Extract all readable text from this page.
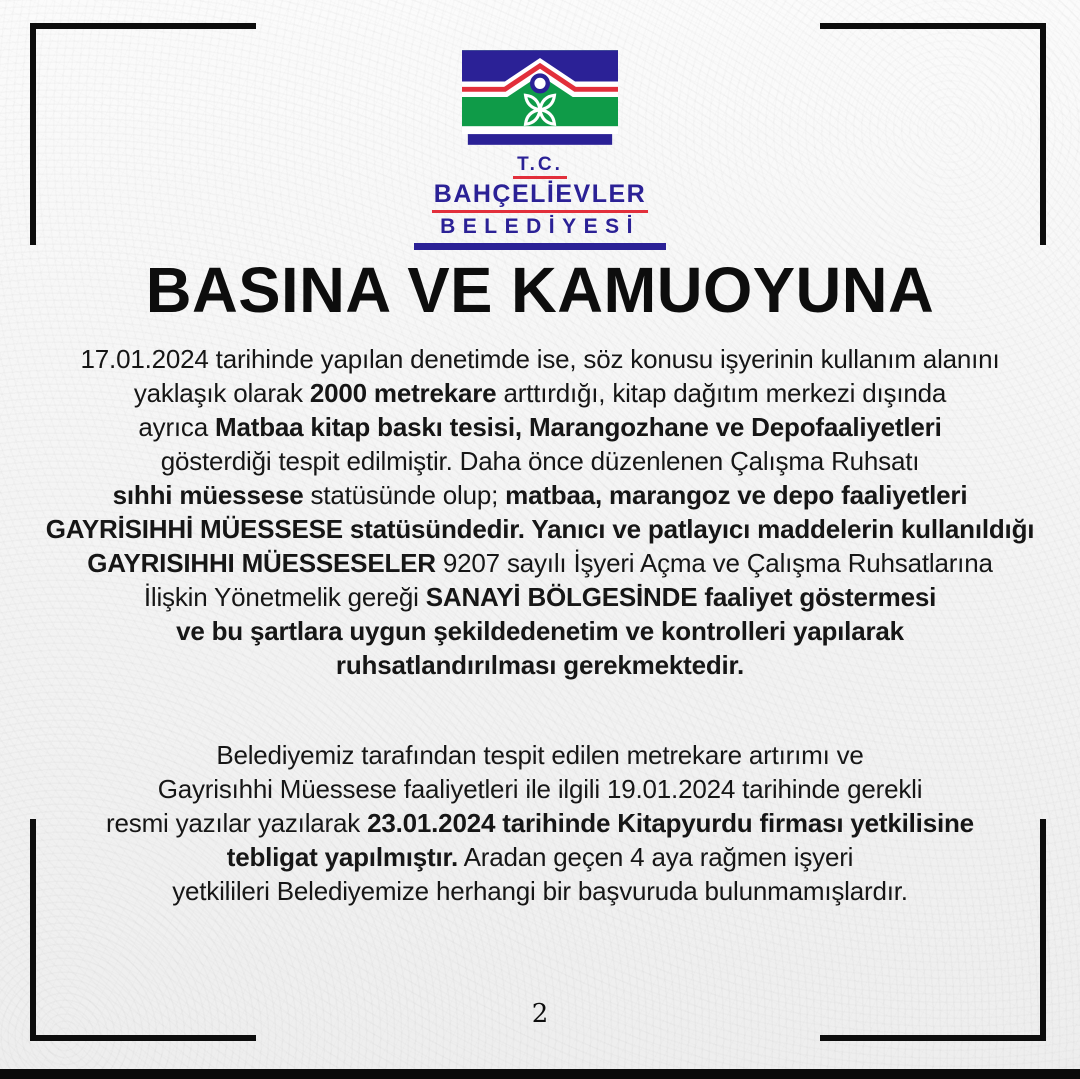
T.C.
BAHÇELİEVLER
BELEDİYESİ
BASINA VE KAMUOYUNA
17.01.2024 tarihinde yapılan denetimde ise, söz konusu işyerinin kullanım alanını
yaklaşık olarak 2000 metrekare arttırdığı, kitap dağıtım merkezi dışında
ayrıca Matbaa kitap baskı tesisi, Marangozhane ve Depofaaliyetleri
gösterdiği tespit edilmiştir. Daha önce düzenlenen Çalışma Ruhsatı
sıhhi müessese statüsünde olup; matbaa, marangoz ve depo faaliyetleri
GAYRİSIHHİ MÜESSESE statüsündedir. Yanıcı ve patlayıcı maddelerin kullanıldığı
GAYRISIHHI MÜESSESELER 9207 sayılı İşyeri Açma ve Çalışma Ruhsatlarına
İlişkin Yönetmelik gereği SANAYİ BÖLGESİNDE faaliyet göstermesi
ve bu şartlara uygun şekildedenetim ve kontrolleri yapılarak
ruhsatlandırılması gerekmektedir.
Belediyemiz tarafından tespit edilen metrekare artırımı ve
Gayrisıhhi Müessese faaliyetleri ile ilgili 19.01.2024 tarihinde gerekli
resmi yazılar yazılarak 23.01.2024 tarihinde Kitapyurdu firması yetkilisine
tebligat yapılmıştır. Aradan geçen 4 aya rağmen işyeri
yetkilileri Belediyemize herhangi bir başvuruda bulunmamışlardır.
2
